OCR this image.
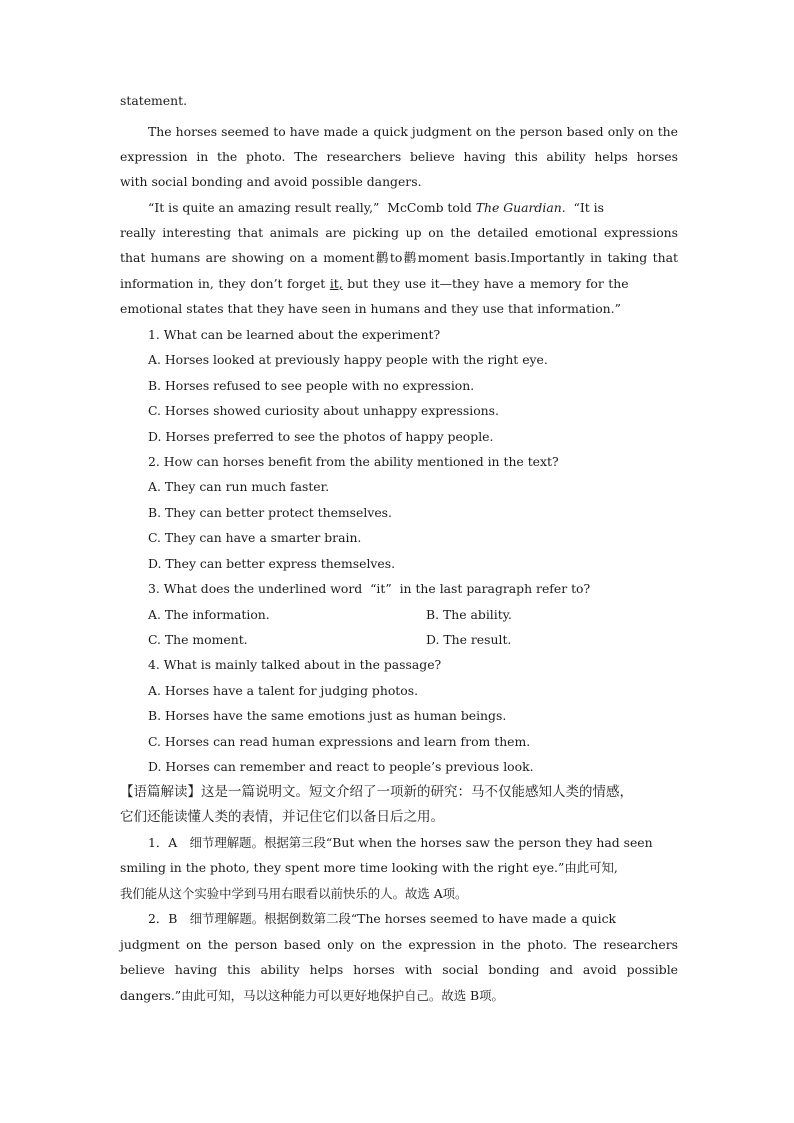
statement.
The horses seemed to have made a quick judgment on the person based only on the
expression in the photo. The researchers believe having this ability helps horses
with social bonding and avoid possible dangers.
“It is quite an amazing result really,”  McComb told The Guardian.  “It is
really interesting that animals are picking up on the detailed emotional expressions
that humans are showing on a moment鹳to鹳moment basis.Importantly in taking that
information in, they don’t forget it, but they use it—they have a memory for the
emotional states that they have seen in humans and they use that information.”
1. What can be learned about the experiment?
A. Horses looked at previously happy people with the right eye.
B. Horses refused to see people with no expression.
C. Horses showed curiosity about unhappy expressions.
D. Horses preferred to see the photos of happy people.
2. How can horses benefit from the ability mentioned in the text?
A. They can run much faster.
B. They can better protect themselves.
C. They can have a smarter brain.
D. They can better express themselves.
3. What does the underlined word  “it”  in the last paragraph refer to?
A. The information.	B. The ability.
C. The moment.	D. The result.
4. What is mainly talked about in the passage?
A. Horses have a talent for judging photos.
B. Horses have the same emotions just as human beings.
C. Horses can read human expressions and learn from them.
D. Horses can remember and react to people’s previous look.
【语篇解读】这是一篇说明文。短文介绍了一项新的研究：马不仅能感知人类的情感，
它们还能读懂人类的表情，并记住它们以备日后之用。
1．A　细节理解题。根据第三段“But when the horses saw the person they had seen
smiling in the photo, they spent more time looking with the right eye.”由此可知,
我们能从这个实验中学到马用右眼看以前快乐的人。故选 A项。
2．B　细节理解题。根据倒数第二段“The horses seemed to have made a quick
judgment on the person based only on the expression in the photo. The researchers
believe having this ability helps horses with social bonding and avoid possible
dangers.”由此可知，马以这种能力可以更好地保护自己。故选 B项。
